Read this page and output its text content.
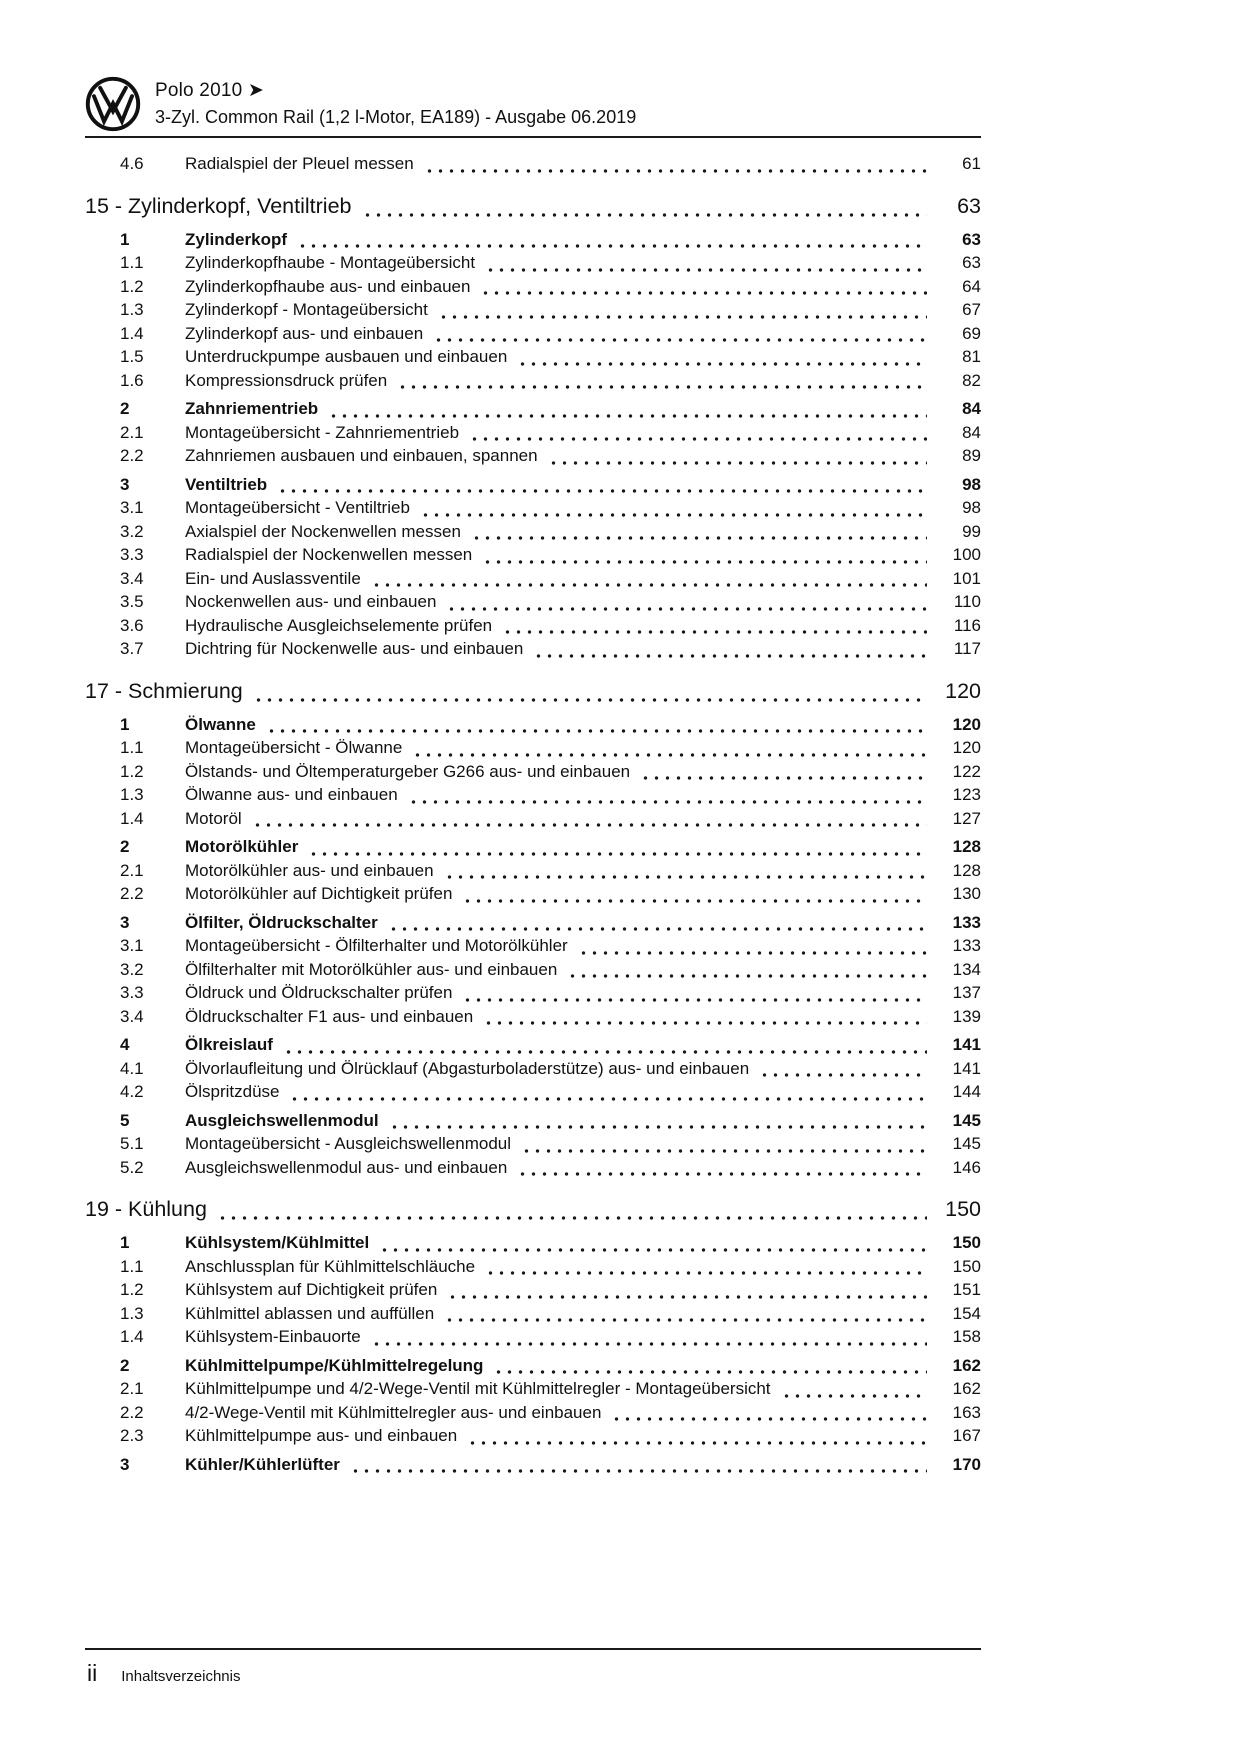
Polo 2010 ➤
3-Zyl. Common Rail (1,2 l-Motor, EA189) - Ausgabe 06.2019
4.6	Radialspiel der Pleuel messen	61
15 - Zylinderkopf, Ventiltrieb	63
1	Zylinderkopf	63
1.1	Zylinderkopfhaube - Montageübersicht	63
1.2	Zylinderkopfhaube aus- und einbauen	64
1.3	Zylinderkopf - Montageübersicht	67
1.4	Zylinderkopf aus- und einbauen	69
1.5	Unterdruckpumpe ausbauen und einbauen	81
1.6	Kompressionsdruck prüfen	82
2	Zahnriementrieb	84
2.1	Montageübersicht - Zahnriementrieb	84
2.2	Zahnriemen ausbauen und einbauen, spannen	89
3	Ventiltrieb	98
3.1	Montageübersicht - Ventiltrieb	98
3.2	Axialspiel der Nockenwellen messen	99
3.3	Radialspiel der Nockenwellen messen	100
3.4	Ein- und Auslassventile	101
3.5	Nockenwellen aus- und einbauen	110
3.6	Hydraulische Ausgleichselemente prüfen	116
3.7	Dichtring für Nockenwelle aus- und einbauen	117
17 - Schmierung	120
1	Ölwanne	120
1.1	Montageübersicht - Ölwanne	120
1.2	Ölstands- und Öltemperaturgeber G266 aus- und einbauen	122
1.3	Ölwanne aus- und einbauen	123
1.4	Motoröl	127
2	Motorölkühler	128
2.1	Motorölkühler aus- und einbauen	128
2.2	Motorölkühler auf Dichtigkeit prüfen	130
3	Ölfilter, Öldruckschalter	133
3.1	Montageübersicht - Ölfilterhalter und Motorölkühler	133
3.2	Ölfilterhalter mit Motorölkühler aus- und einbauen	134
3.3	Öldruck und Öldruckschalter prüfen	137
3.4	Öldruckschalter F1 aus- und einbauen	139
4	Ölkreislauf	141
4.1	Ölvorlaufleitung und Ölrücklauf (Abgasturboladerstütze) aus- und einbauen	141
4.2	Ölspritzdüse	144
5	Ausgleichswellenmodul	145
5.1	Montageübersicht - Ausgleichswellenmodul	145
5.2	Ausgleichswellenmodul aus- und einbauen	146
19 - Kühlung	150
1	Kühlsystem/Kühlmittel	150
1.1	Anschlussplan für Kühlmittelschläuche	150
1.2	Kühlsystem auf Dichtigkeit prüfen	151
1.3	Kühlmittel ablassen und auffüllen	154
1.4	Kühlsystem-Einbauorte	158
2	Kühlmittelpumpe/Kühlmittelregelung	162
2.1	Kühlmittelpumpe und 4/2-Wege-Ventil mit Kühlmittelregler - Montageübersicht	162
2.2	4/2-Wege-Ventil mit Kühlmittelregler aus- und einbauen	163
2.3	Kühlmittelpumpe aus- und einbauen	167
3	Kühler/Kühlerlüfter	170
ii Inhaltsverzeichnis
